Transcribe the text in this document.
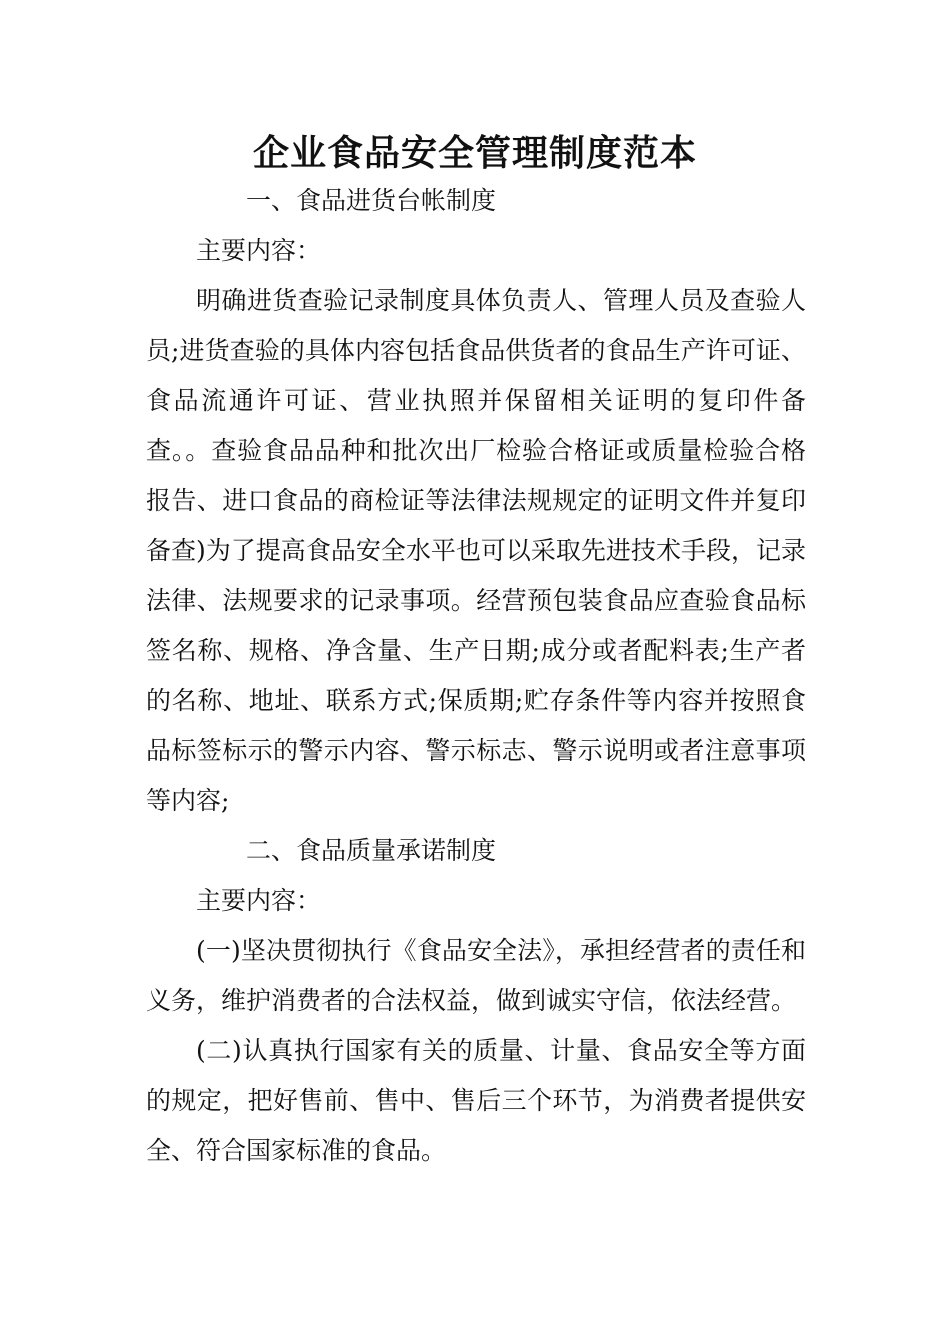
企业食品安全管理制度范本

一、食品进货台帐制度

主要内容：

明确进货查验记录制度具体负责人、管理人员及查验人员;进货查验的具体内容包括食品供货者的食品生产许可证、食品流通许可证、营业执照并保留相关证明的复印件备查。。查验食品品种和批次出厂检验合格证或质量检验合格报告、进口食品的商检证等法律法规规定的证明文件并复印备查)为了提高食品安全水平也可以采取先进技术手段，记录法律、法规要求的记录事项。经营预包装食品应查验食品标签名称、规格、净含量、生产日期;成分或者配料表;生产者的名称、地址、联系方式;保质期;贮存条件等内容并按照食品标签标示的警示内容、警示标志、警示说明或者注意事项等内容;

二、食品质量承诺制度

主要内容：

(一)坚决贯彻执行《食品安全法》，承担经营者的责任和义务，维护消费者的合法权益，做到诚实守信，依法经营。

(二)认真执行国家有关的质量、计量、食品安全等方面的规定，把好售前、售中、售后三个环节，为消费者提供安全、符合国家标准的食品。
